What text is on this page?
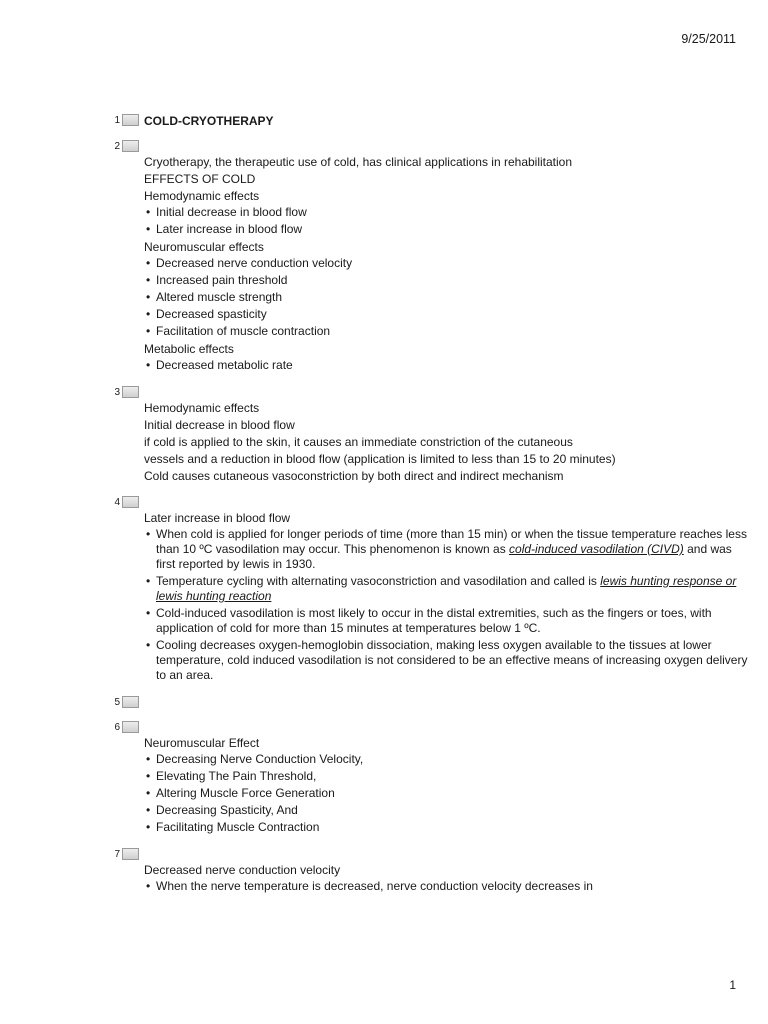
9/25/2011
1 COLD-CRYOTHERAPY
2
Cryotherapy, the therapeutic use of cold, has clinical applications in rehabilitation
EFFECTS OF COLD
Hemodynamic effects
• Initial decrease in blood flow
• Later increase in blood flow
Neuromuscular effects
• Decreased nerve conduction velocity
• Increased pain threshold
• Altered muscle strength
• Decreased spasticity
• Facilitation of muscle contraction
Metabolic effects
• Decreased metabolic rate
3
Hemodynamic effects
Initial decrease in blood flow
if cold is applied to the skin, it causes an immediate constriction of the cutaneous
vessels and a reduction in blood flow (application is limited to less than 15 to 20 minutes)
Cold causes cutaneous vasoconstriction by both direct and indirect mechanism
4
Later increase in blood flow
• When cold is applied for longer periods of time (more than 15 min) or when the tissue temperature reaches less than 10 ºC vasodilation may occur. This phenomenon is known as cold-induced vasodilation (CIVD) and was first reported by lewis in 1930.
• Temperature cycling with alternating vasoconstriction and vasodilation and called is lewis hunting response or lewis hunting reaction
• Cold-induced vasodilation is most likely to occur in the distal extremities, such as the fingers or toes, with application of cold for more than 15 minutes at temperatures below 1 ºC.
• Cooling decreases oxygen-hemoglobin dissociation, making less oxygen available to the tissues at lower temperature, cold induced vasodilation is not considered to be an effective means of increasing oxygen delivery to an area.
5
6
Neuromuscular Effect
• Decreasing Nerve Conduction Velocity,
• Elevating The Pain Threshold,
• Altering Muscle Force Generation
• Decreasing Spasticity, And
• Facilitating Muscle Contraction
7
Decreased nerve conduction velocity
• When the nerve temperature is decreased, nerve conduction velocity decreases in
1
